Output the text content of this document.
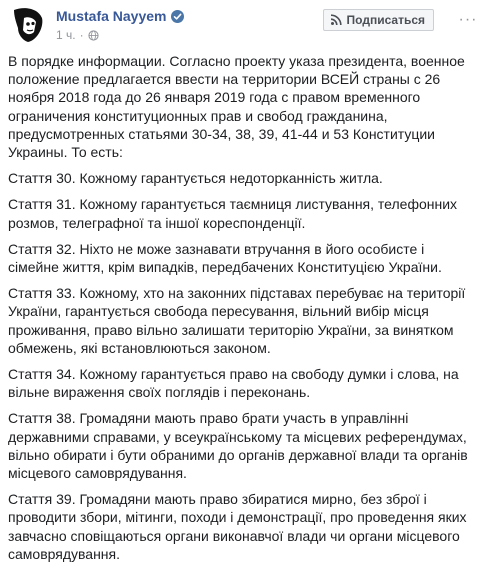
Mustafa Nayyem
1 ч. ·
Подписаться ···

В порядке информации. Согласно проекту указа президента, военное положение предлагается ввести на территории ВСЕЙ страны с 26 ноября 2018 года до 26 января 2019 года с правом временного ограничения конституционных прав и свобод гражданина, предусмотренных статьями 30-34, 38, 39, 41-44 и 53 Конституции Украины. То есть:

Стаття 30. Кожному гарантується недоторканність житла.

Стаття 31. Кожному гарантується таємниця листування, телефонних розмов, телеграфної та іншої кореспонденції.

Стаття 32. Ніхто не може зазнавати втручання в його особисте і сімейне життя, крім випадків, передбачених Конституцією України.

Стаття 33. Кожному, хто на законних підставах перебуває на території України, гарантується свобода пересування, вільний вибір місця проживання, право вільно залишати територію України, за винятком обмежень, які встановлюються законом.

Стаття 34. Кожному гарантується право на свободу думки і слова, на вільне вираження своїх поглядів і переконань.

Стаття 38. Громадяни мають право брати участь в управлінні державними справами, у всеукраїнському та місцевих референдумах, вільно обирати і бути обраними до органів державної влади та органів місцевого самоврядування.

Стаття 39. Громадяни мають право збиратися мирно, без зброї і проводити збори, мітинги, походи і демонстрації, про проведення яких завчасно сповіщаються органи виконавчої влади чи органи місцевого самоврядування.
